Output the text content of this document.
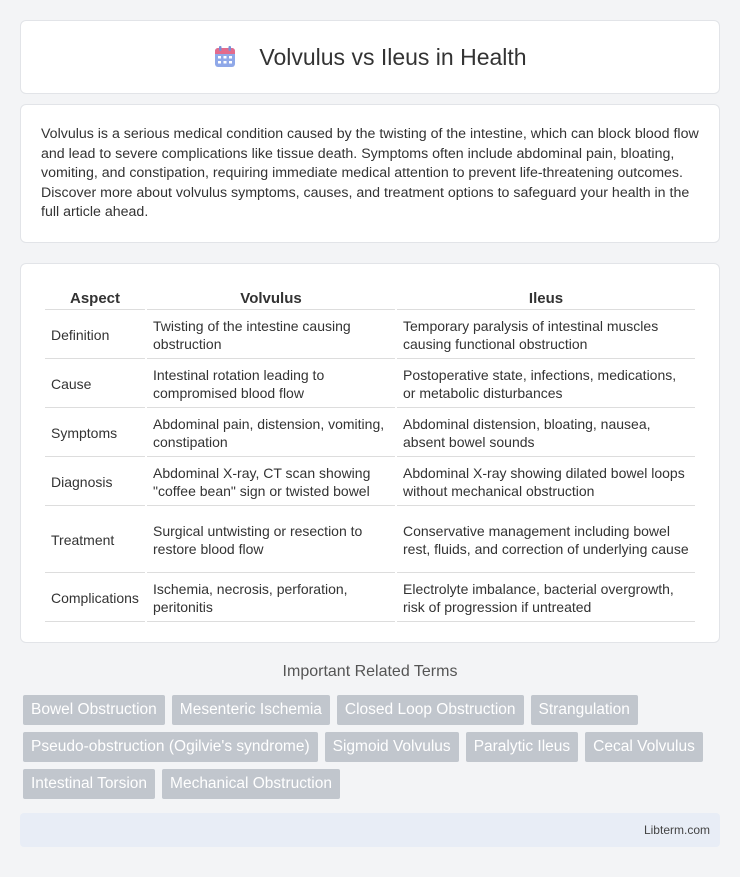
Volvulus vs Ileus in Health

Volvulus is a serious medical condition caused by the twisting of the intestine, which can block blood flow and lead to severe complications like tissue death. Symptoms often include abdominal pain, bloating, vomiting, and constipation, requiring immediate medical attention to prevent life-threatening outcomes. Discover more about volvulus symptoms, causes, and treatment options to safeguard your health in the full article ahead.

Aspect	Volvulus	Ileus
Definition	Twisting of the intestine causing obstruction	Temporary paralysis of intestinal muscles causing functional obstruction
Cause	Intestinal rotation leading to compromised blood flow	Postoperative state, infections, medications, or metabolic disturbances
Symptoms	Abdominal pain, distension, vomiting, constipation	Abdominal distension, bloating, nausea, absent bowel sounds
Diagnosis	Abdominal X-ray, CT scan showing "coffee bean" sign or twisted bowel	Abdominal X-ray showing dilated bowel loops without mechanical obstruction
Treatment	Surgical untwisting or resection to restore blood flow	Conservative management including bowel rest, fluids, and correction of underlying cause
Complications	Ischemia, necrosis, perforation, peritonitis	Electrolyte imbalance, bacterial overgrowth, risk of progression if untreated
Important Related Terms
Bowel Obstruction	Mesenteric Ischemia	Closed Loop Obstruction	Strangulation
Pseudo-obstruction (Ogilvie's syndrome)	Sigmoid Volvulus	Paralytic Ileus	Cecal Volvulus
Intestinal Torsion	Mechanical Obstruction
Libterm.com
